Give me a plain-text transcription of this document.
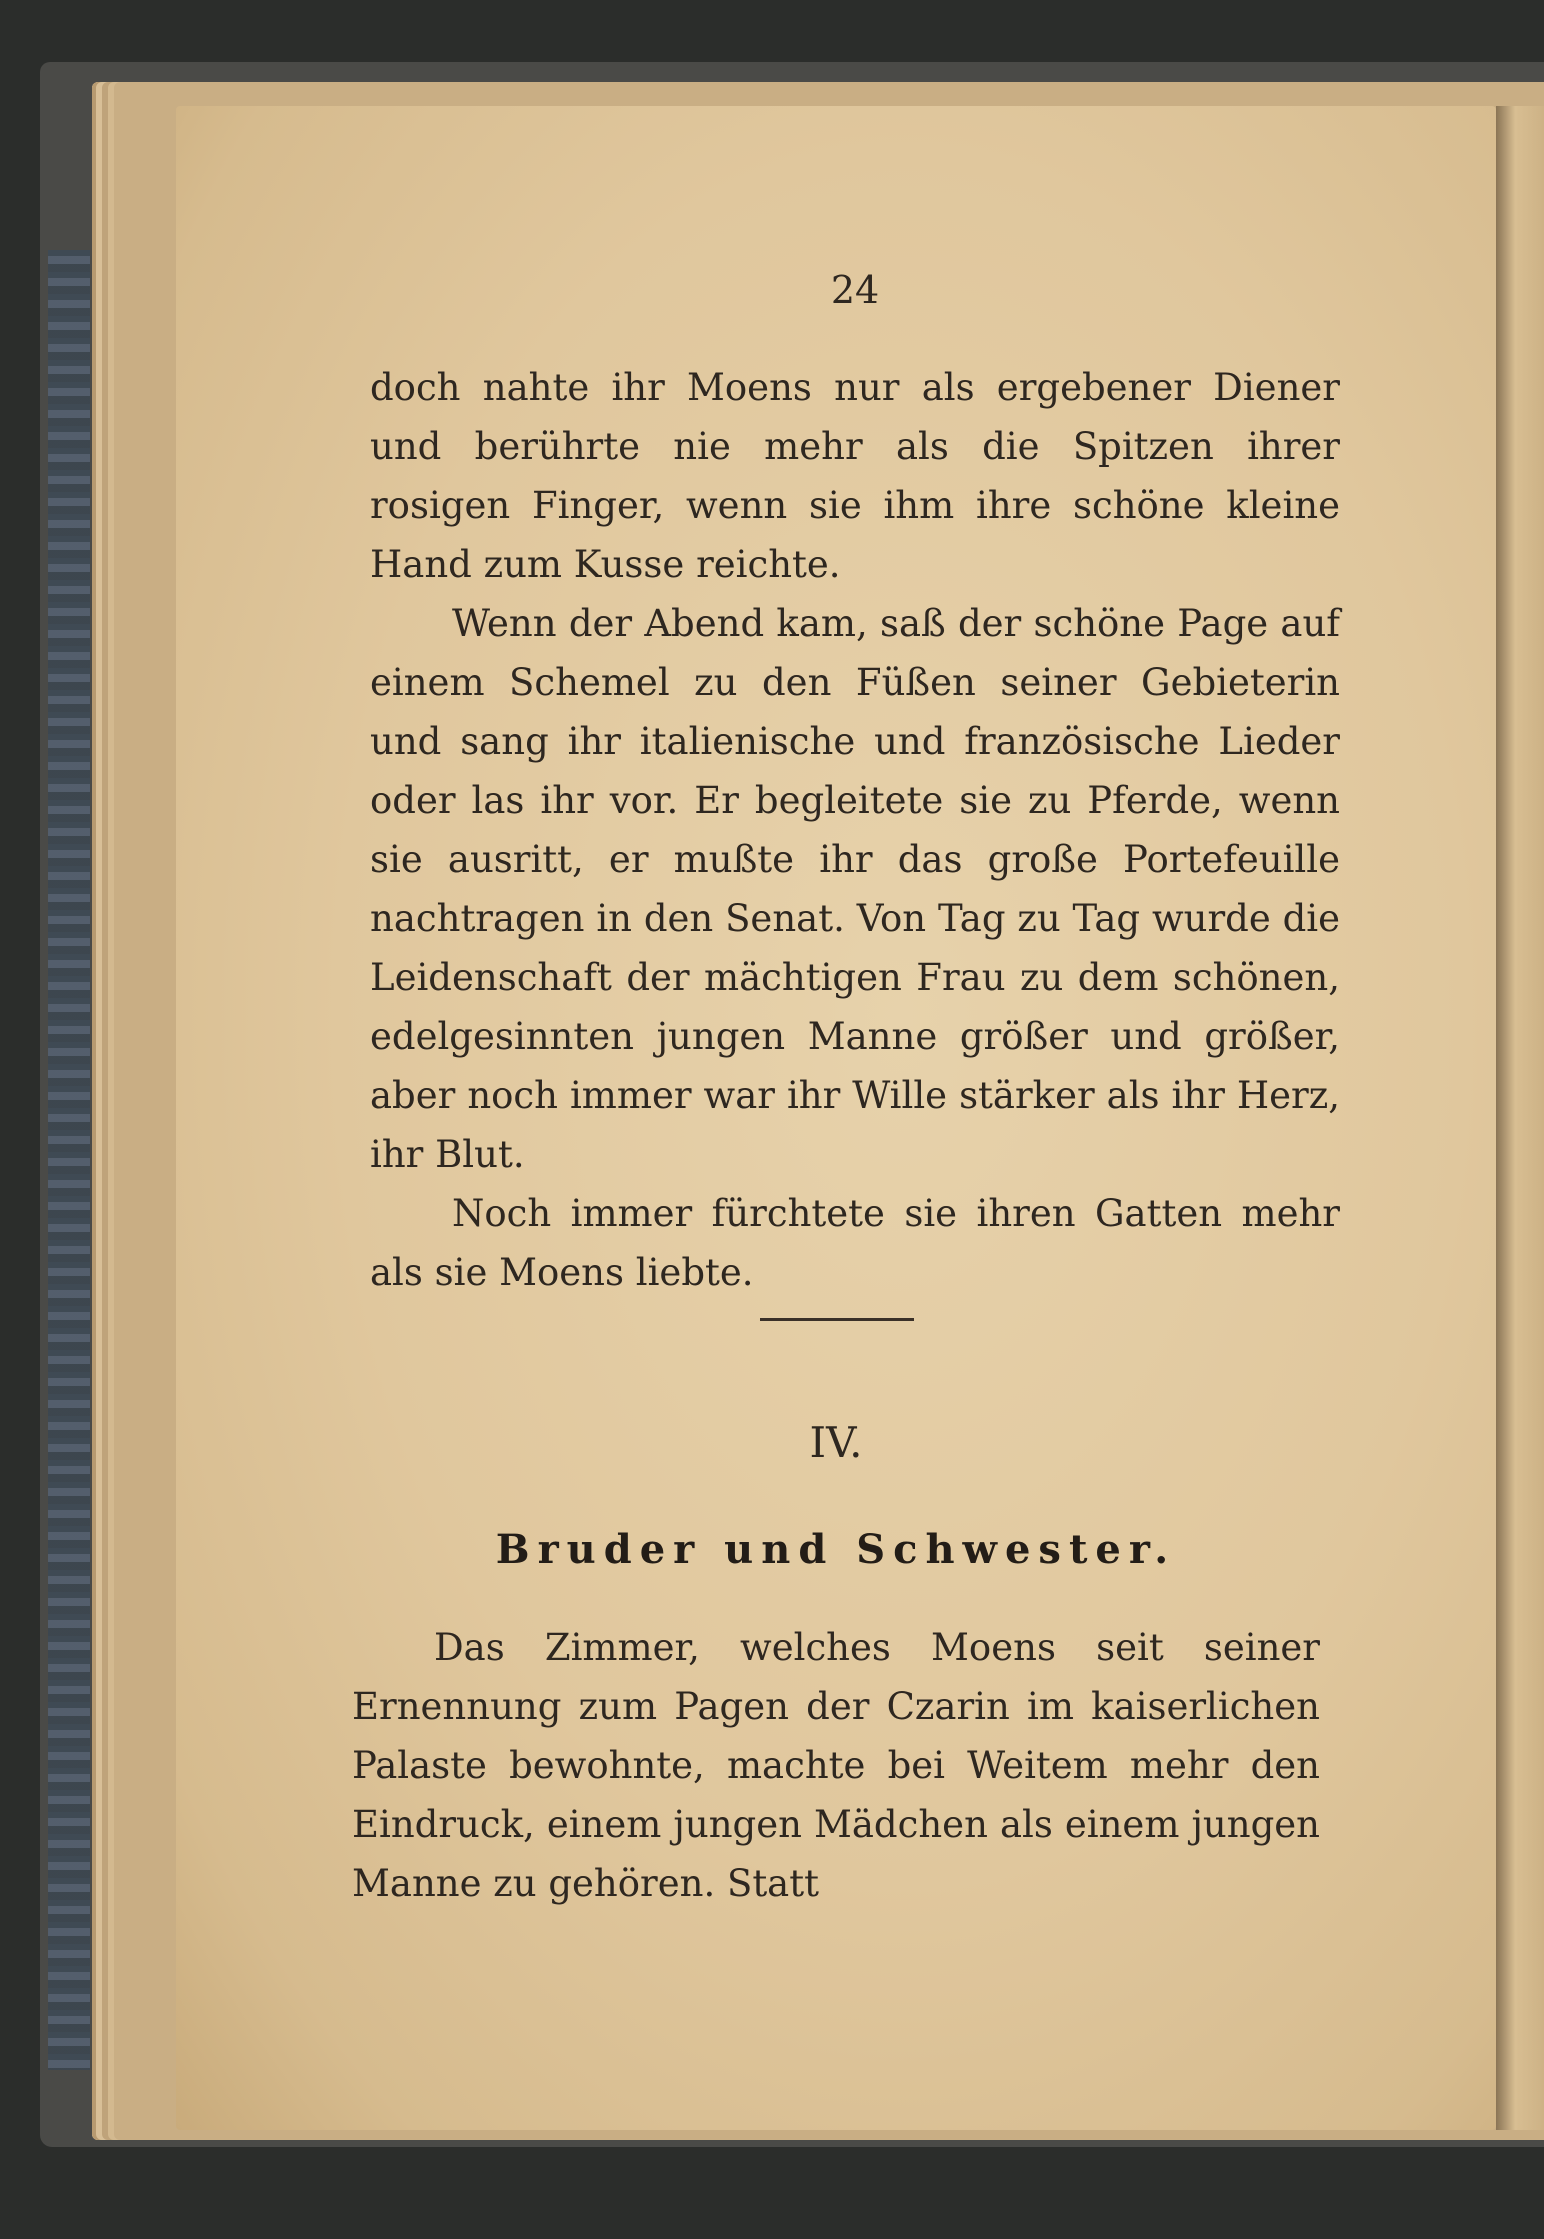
24

doch nahte ihr Moens nur als ergebener Diener und berührte nie mehr als die Spitzen ihrer rosigen Finger, wenn sie ihm ihre schöne kleine Hand zum Kusse reichte.

Wenn der Abend kam, saß der schöne Page auf einem Schemel zu den Füßen seiner Gebieterin und sang ihr italienische und französische Lieder oder las ihr vor. Er begleitete sie zu Pferde, wenn sie ausritt, er mußte ihr das große Portefeuille nachtragen in den Senat. Von Tag zu Tag wurde die Leidenschaft der mächtigen Frau zu dem schönen, edelgesinnten jungen Manne größer und größer, aber noch immer war ihr Wille stärker als ihr Herz, ihr Blut.

Noch immer fürchtete sie ihren Gatten mehr als sie Moens liebte.

IV.
Bruder und Schwester.

Das Zimmer, welches Moens seit seiner Ernennung zum Pagen der Czarin im kaiserlichen Palaste bewohnte, machte bei Weitem mehr den Eindruck, einem jungen Mädchen als einem jungen Manne zu gehören. Statt
